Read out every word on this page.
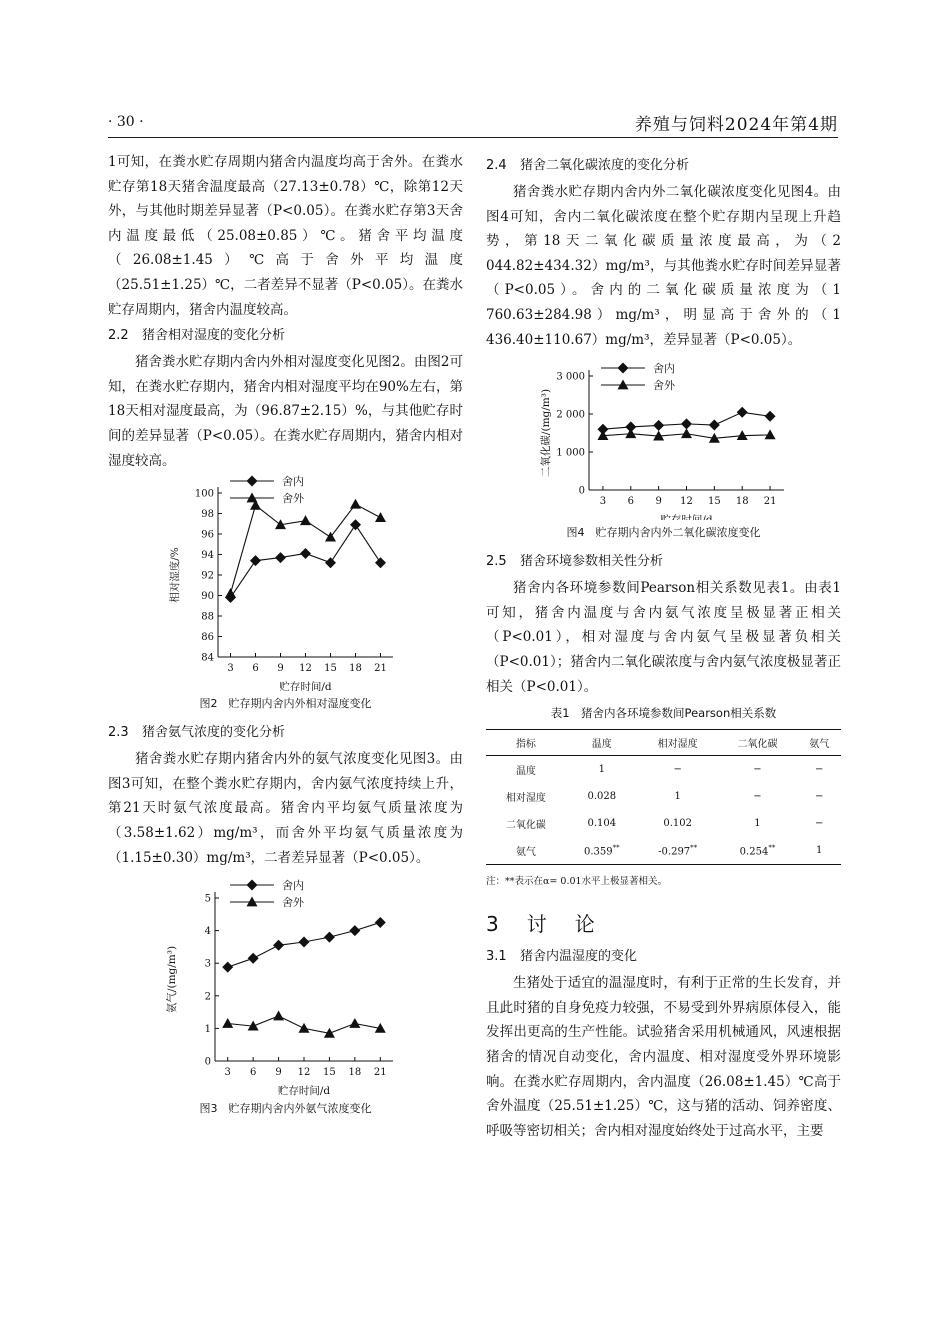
· 30 ·	养殖与饲料2024年第4期

1可知，在粪水贮存周期内猪舍内温度均高于舍外。在粪水贮存第18天猪舍温度最高（27.13±0.78）℃，除第12天外，与其他时期差异显著（P<0.05）。在粪水贮存第3天舍内温度最低（25.08±0.85）℃。猪舍平均温度（26.08±1.45）℃高于舍外平均温度（25.51±1.25）℃，二者差异不显著（P<0.05）。在粪水贮存周期内，猪舍内温度较高。

2.2 猪舍相对湿度的变化分析

猪舍粪水贮存期内舍内外相对湿度变化见图2。由图2可知，在粪水贮存期内，猪舍内相对湿度平均在90%左右，第18天相对湿度最高，为（96.87±2.15）%，与其他贮存时间的差异显著（P<0.05）。在粪水贮存周期内，猪舍内相对湿度较高。

84
86
88
90
92
94
96
98
100
3 6 9 12 15 18 21
贮存时间/d
相对湿度/%
舍内
舍外
图2　贮存期内舍内外相对湿度变化
2.3 猪舍氨气浓度的变化分析

猪舍粪水贮存期内猪舍内外的氨气浓度变化见图3。由图3可知，在整个粪水贮存期内，舍内氨气浓度持续上升，第21天时氨气浓度最高。猪舍内平均氨气质量浓度为（3.58±1.62）mg/m³，而舍外平均氨气质量浓度为（1.15±0.30）mg/m³，二者差异显著（P<0.05）。

0
1
2
3
4
5
3 6 9 12 15 18 21
贮存时间/d
氨气/(mg/m³)
舍内
舍外
图3　贮存期内舍内外氨气浓度变化
2.4 猪舍二氧化碳浓度的变化分析

猪舍粪水贮存期内舍内外二氧化碳浓度变化见图4。由图4可知，舍内二氧化碳浓度在整个贮存期内呈现上升趋势，第18天二氧化碳质量浓度最高，为（2 044.82±434.32）mg/m³，与其他粪水贮存时间差异显著（P<0.05）。舍内的二氧化碳质量浓度为（1 760.63±284.98）mg/m³，明显高于舍外的（1 436.40±110.67）mg/m³，差异显著（P<0.05）。

0
1 000
2 000
3 000
3 6 9 12 15 18 21
贮存时间/d
二氧化碳/(mg/m³)
舍内
舍外
图4　贮存期内舍内外二氧化碳浓度变化
2.5 猪舍环境参数相关性分析

猪舍内各环境参数间Pearson相关系数见表1。由表1可知，猪舍内温度与舍内氨气浓度呈极显著正相关（P<0.01），相对湿度与舍内氨气呈极显著负相关（P<0.01）；猪舍内二氧化碳浓度与舍内氨气浓度极显著正相关（P<0.01）。

表1　猪舍内各环境参数间Pearson相关系数
指标	温度	相对湿度	二氧化碳	氨气
温度	1	−	−	−
相对湿度	0.028	1	−	−
二氧化碳	0.104	0.102	1	−
氨气	0.359**	-0.297**	0.254**	1
注：**表示在α= 0.01水平上极显著相关。
3　讨　论
3.1 猪舍内温湿度的变化

生猪处于适宜的温湿度时，有利于正常的生长发育，并且此时猪的自身免疫力较强，不易受到外界病原体侵入，能发挥出更高的生产性能。试验猪舍采用机械通风，风速根据猪舍的情况自动变化，舍内温度、相对湿度受外界环境影响。在粪水贮存周期内，舍内温度（26.08±1.45）℃高于舍外温度（25.51±1.25）℃，这与猪的活动、饲养密度、呼吸等密切相关；舍内相对湿度始终处于过高水平，主要
